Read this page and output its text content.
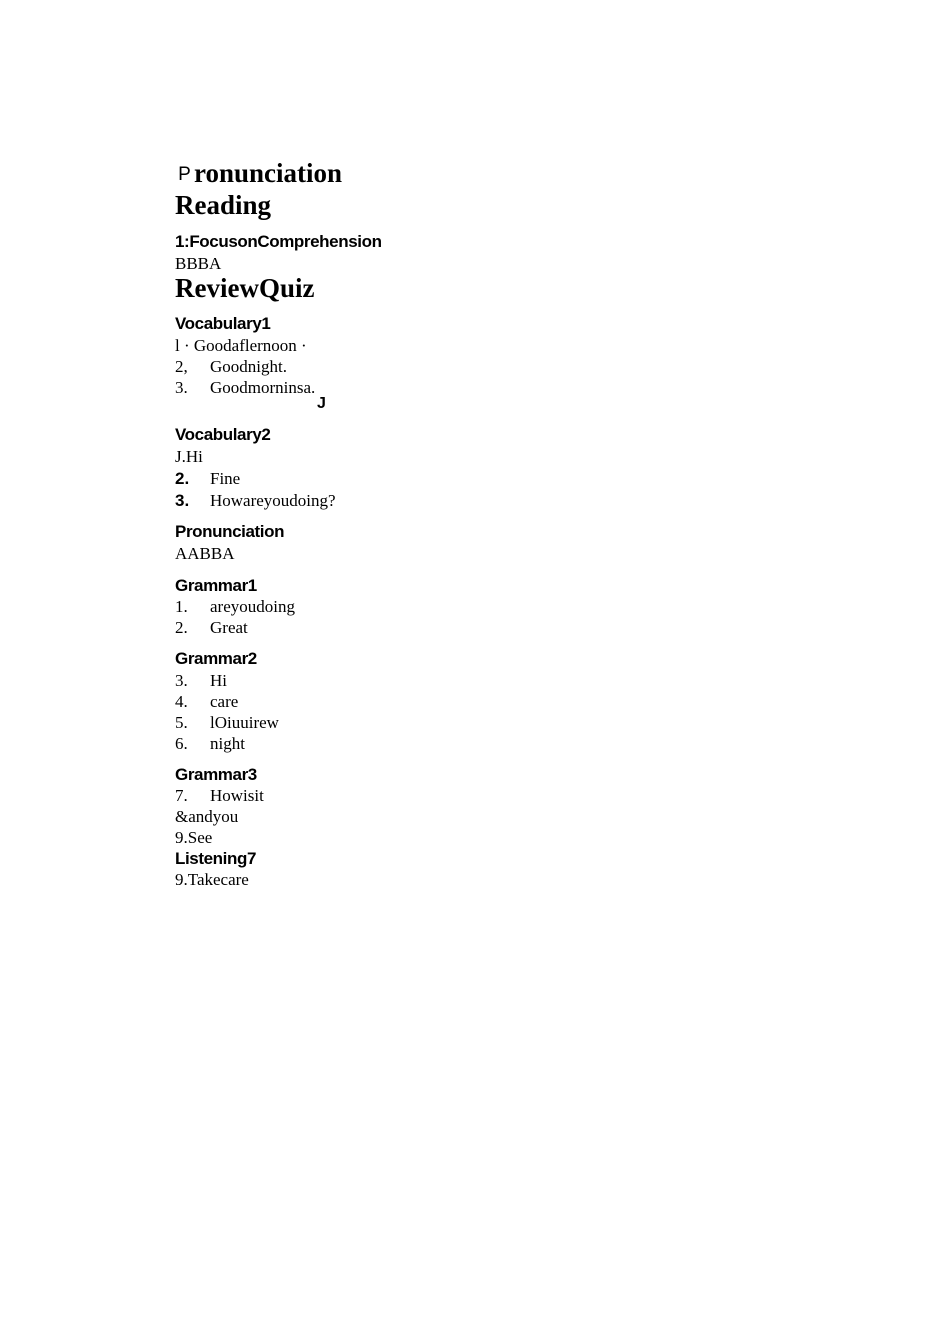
P ronunciation
Reading
1:FocusonComprehension
BBBA
ReviewQuiz
Vocabulary1
l · Goodaflernoon ·
2, Goodnight.
3. Goodmorninsa.
J
Vocabulary2
J.Hi
2. Fine
3. Howareyoudoing?
Pronunciation
AABBA
Grammar1
1. areyoudoing
2. Great
Grammar2
3. Hi
4. care
5. lOiuuirew
6. night
Grammar3
7. Howisit
&andyou
9.See
Listening7
9.Takecare
